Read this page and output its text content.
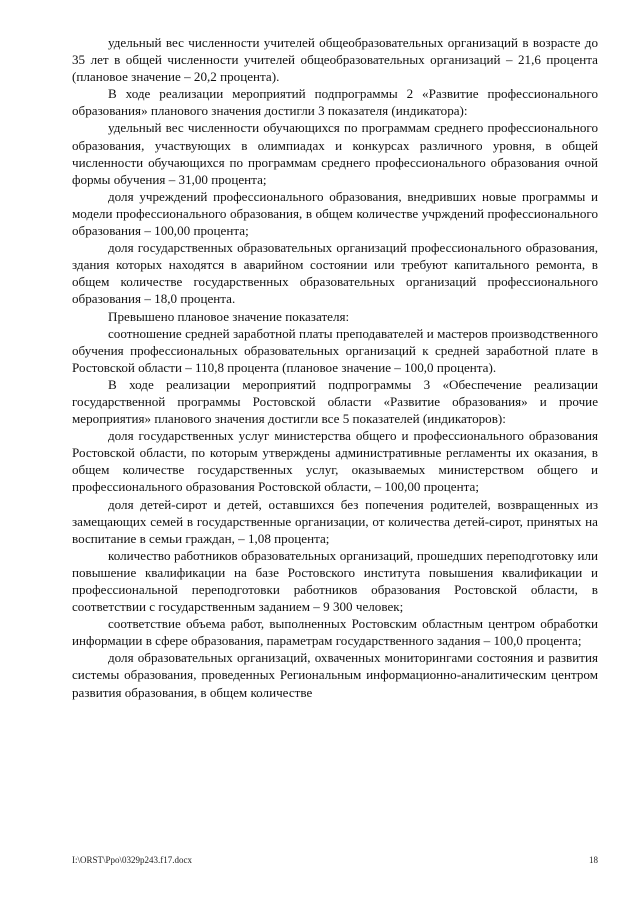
удельный вес численности учителей общеобразовательных организаций в возрасте до 35 лет в общей численности учителей общеобразовательных организаций – 21,6 процента (плановое значение – 20,2 процента).

В ходе реализации мероприятий подпрограммы 2 «Развитие профессионального образования» планового значения достигли 3 показателя (индикатора):

удельный вес численности обучающихся по программам среднего профессионального образования, участвующих в олимпиадах и конкурсах различного уровня, в общей численности обучающихся по программам среднего профессионального образования очной формы обучения – 31,00 процента;

доля учреждений профессионального образования, внедривших новые программы и модели профессионального образования, в общем количестве учрждений профессионального образования – 100,00 процента;

доля государственных образовательных организаций профессионального образования, здания которых находятся в аварийном состоянии или требуют капитального ремонта, в общем количестве государственных образовательных организаций профессионального образования – 18,0 процента.

Превышено плановое значение показателя:

соотношение средней заработной платы преподавателей и мастеров производственного обучения профессиональных образовательных организаций к средней заработной плате в Ростовской области – 110,8 процента (плановое значение – 100,0 процента).

В ходе реализации мероприятий подпрограммы 3 «Обеспечение реализации государственной программы Ростовской области «Развитие образования» и прочие мероприятия» планового значения достигли все 5 показателей (индикаторов):

доля государственных услуг министерства общего и профессионального образования Ростовской области, по которым утверждены административные регламенты их оказания, в общем количестве государственных услуг, оказываемых министерством общего и профессионального образования Ростовской области, – 100,00 процента;

доля детей-сирот и детей, оставшихся без попечения родителей, возвращенных из замещающих семей в государственные организации, от количества детей-сирот, принятых на воспитание в семьи граждан, – 1,08 процента;

количество работников образовательных организаций, прошедших переподготовку или повышение квалификации на базе Ростовского института повышения квалификации и профессиональной переподготовки работников образования Ростовской области, в соответствии с государственным заданием – 9 300 человек;

соответствие объема работ, выполненных Ростовским областным центром обработки информации в сфере образования, параметрам государственного задания – 100,0 процента;

доля образовательных организаций, охваченных мониторингами состояния и развития системы образования, проведенных Региональным информационно-аналитическим центром развития образования, в общем количестве

I:\ORST\Ppo\0329p243.f17.docx	18
